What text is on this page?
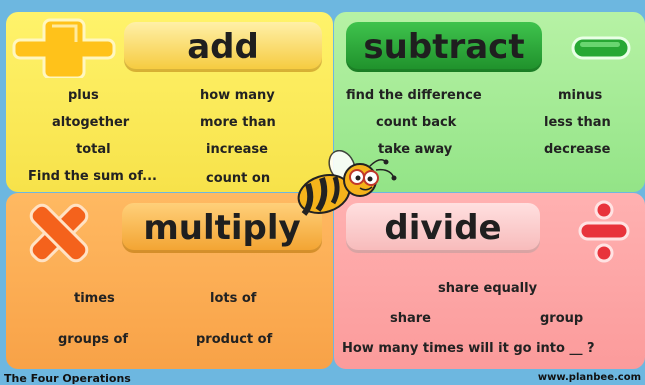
add
plus	how many
altogether	more than
total	increase
Find the sum of...	count on
subtract
find the difference	minus
count back	less than
take away	decrease
multiply
times	lots of
groups of	product of
divide
share equally
share	group
How many times will it go into __ ?
The Four Operations	www.planbee.com
